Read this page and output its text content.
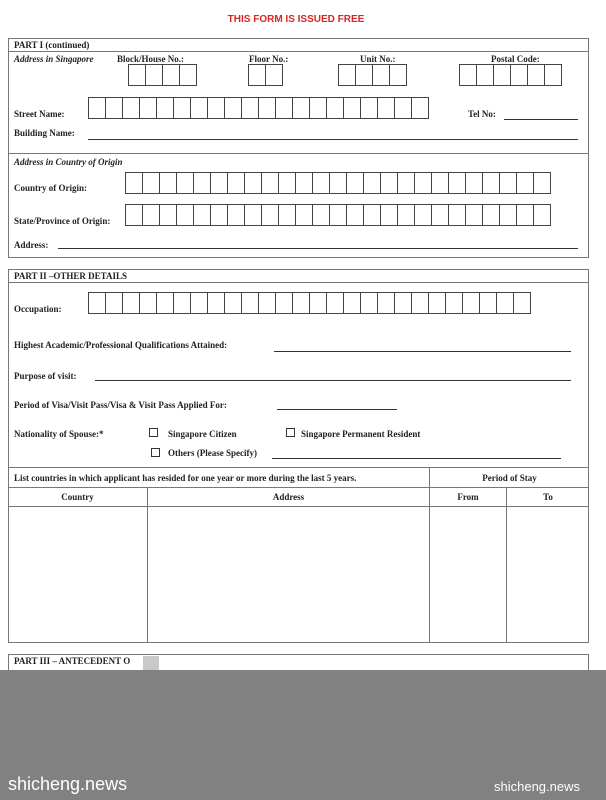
THIS FORM IS ISSUED FREE
PART I (continued)
Address in Singapore	Block/House No.:	Floor No.:	Unit No.:	Postal Code:
Street Name:	Tel No:
Building Name:
Address in Country of Origin
Country of Origin:
State/Province of Origin:
Address:
PART II –OTHER DETAILS
Occupation:
Highest Academic/Professional Qualifications Attained:
Purpose of visit:
Period of Visa/Visit Pass/Visa & Visit Pass Applied For:
Nationality of Spouse:*	Singapore Citizen	Singapore Permanent Resident
Others (Please Specify)
List countries in which applicant has resided for one year or more during the last 5 years.	Period of Stay
Country	Address	From	To
PART III – ANTECEDENT O
shicheng.news	shicheng.news
